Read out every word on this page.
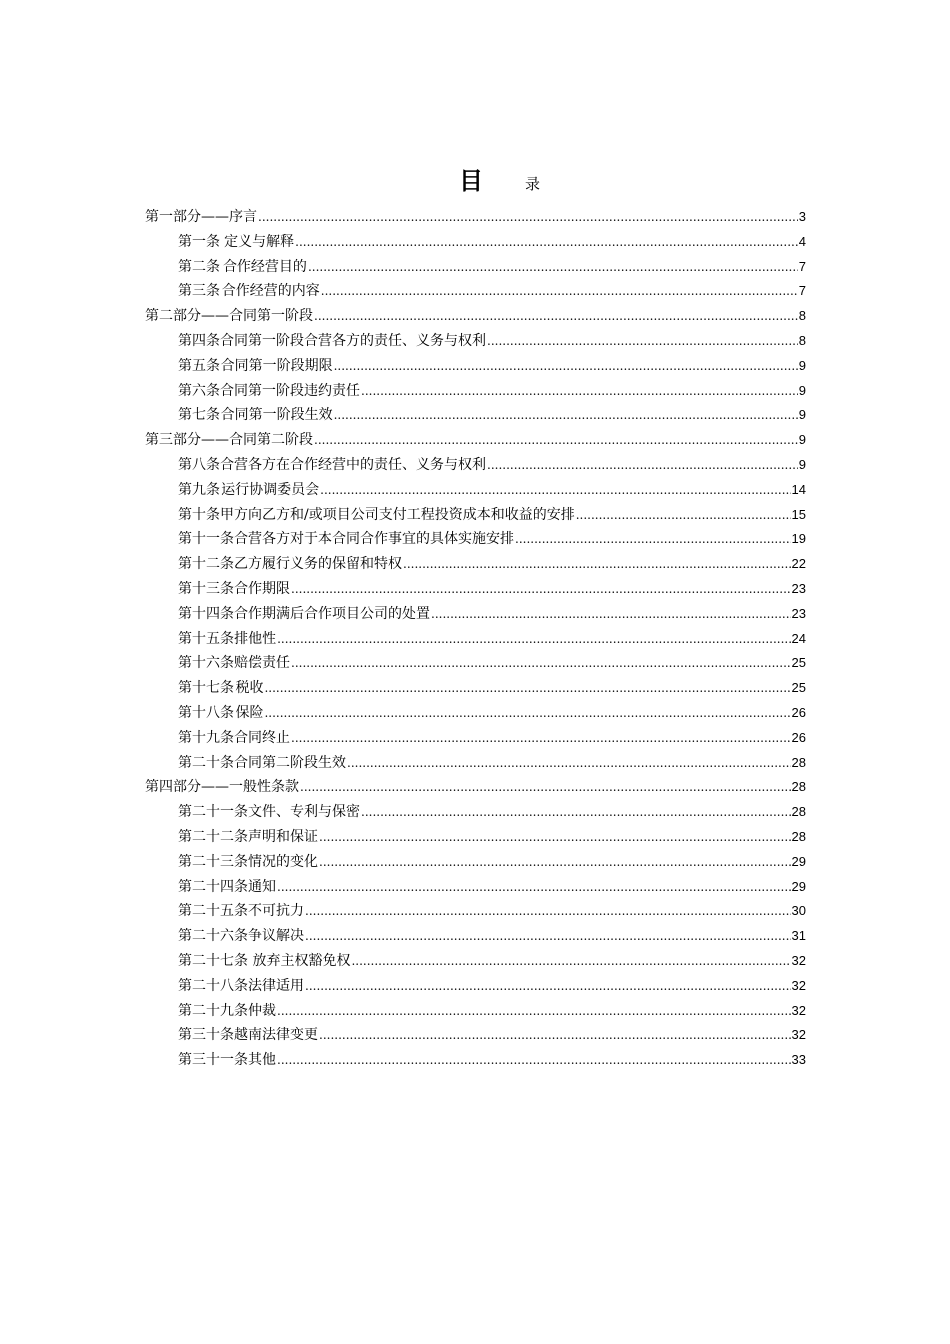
目	录
第一部分——序言 .....	3
第一条 定义与解释 .....	4
第二条 合作经营目的 .....	7
第三条 合作经营的内容 .....	7
第二部分——合同第一阶段 .....	8
第四条 合同第一阶段合营各方的责任、义务与权利 .....	8
第五条 合同第一阶段期限 .....	9
第六条 合同第一阶段违约责任 .....	9
第七条 合同第一阶段生效 .....	9
第三部分——合同第二阶段 .....	9
第八条 合营各方在合作经营中的责任、义务与权利 .....	9
第九条 运行协调委员会 .....	14
第十条 甲方向乙方和/或项目公司支付工程投资成本和收益的安排 .....	15
第十一条 合营各方对于本合同合作事宜的具体实施安排 .....	19
第十二条 乙方履行义务的保留和特权 .....	22
第十三条 合作期限 .....	23
第十四条 合作期满后合作项目公司的处置 .....	23
第十五条 排他性 .....	24
第十六条 赔偿责任 .....	25
第十七条 税收 .....	25
第十八条 保险 .....	26
第十九条 合同终止 .....	26
第二十条 合同第二阶段生效 .....	28
第四部分——一般性条款 .....	28
第二十一条 文件、专利与保密 .....	28
第二十二条 声明和保证 .....	28
第二十三条 情况的变化 .....	29
第二十四条 通知 .....	29
第二十五条 不可抗力 .....	30
第二十六条 争议解决 .....	31
第二十七条 放弃主权豁免权 .....	32
第二十八条 法律适用 .....	32
第二十九条 仲裁 .....	32
第三十条 越南法律变更 .....	32
第三十一条 其他 .....	33
